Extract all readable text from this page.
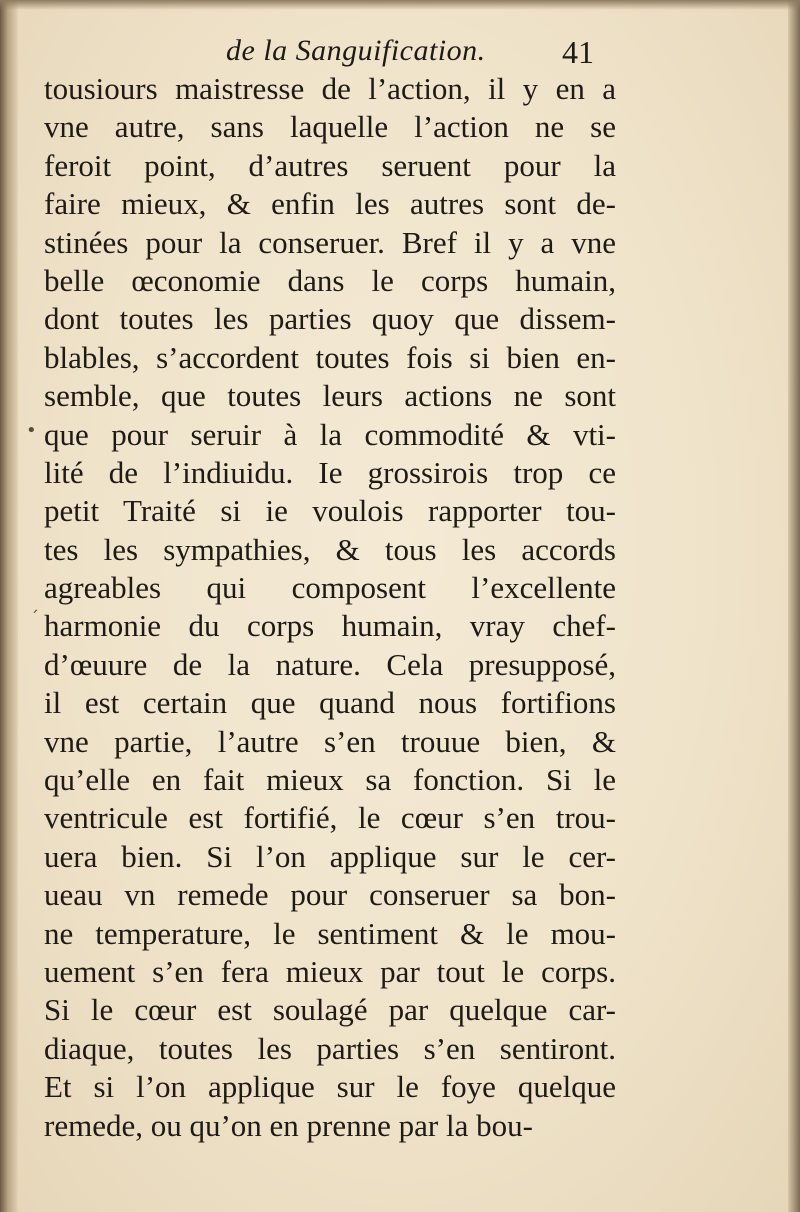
de la Sanguification. 41
tousiours maistresse de l’action, il y en a
vne autre, sans laquelle l’action ne se
feroit point, d’autres seruent pour la
faire mieux, & enfin les autres sont de-
stinées pour la conseruer. Bref il y a vne
belle œconomie dans le corps humain,
dont toutes les parties quoy que dissem-
blables, s’accordent toutes fois si bien en-
semble, que toutes leurs actions ne sont
que pour seruir à la commodité & vti-
lité de l’indiuidu. Ie grossirois trop ce
petit Traité si ie voulois rapporter tou-
tes les sympathies, & tous les accords
agreables qui composent l’excellente
harmonie du corps humain, vray chef-
d’œuure de la nature. Cela presupposé,
il est certain que quand nous fortifions
vne partie, l’autre s’en trouue bien, &
qu’elle en fait mieux sa fonction. Si le
ventricule est fortifié, le cœur s’en trou-
uera bien. Si l’on applique sur le cer-
ueau vn remede pour conseruer sa bon-
ne temperature, le sentiment & le mou-
uement s’en fera mieux par tout le corps.
Si le cœur est soulagé par quelque car-
diaque, toutes les parties s’en sentiront.
Et si l’on applique sur le foye quelque
remede, ou qu’on en prenne par la bou-
•
ˊ
